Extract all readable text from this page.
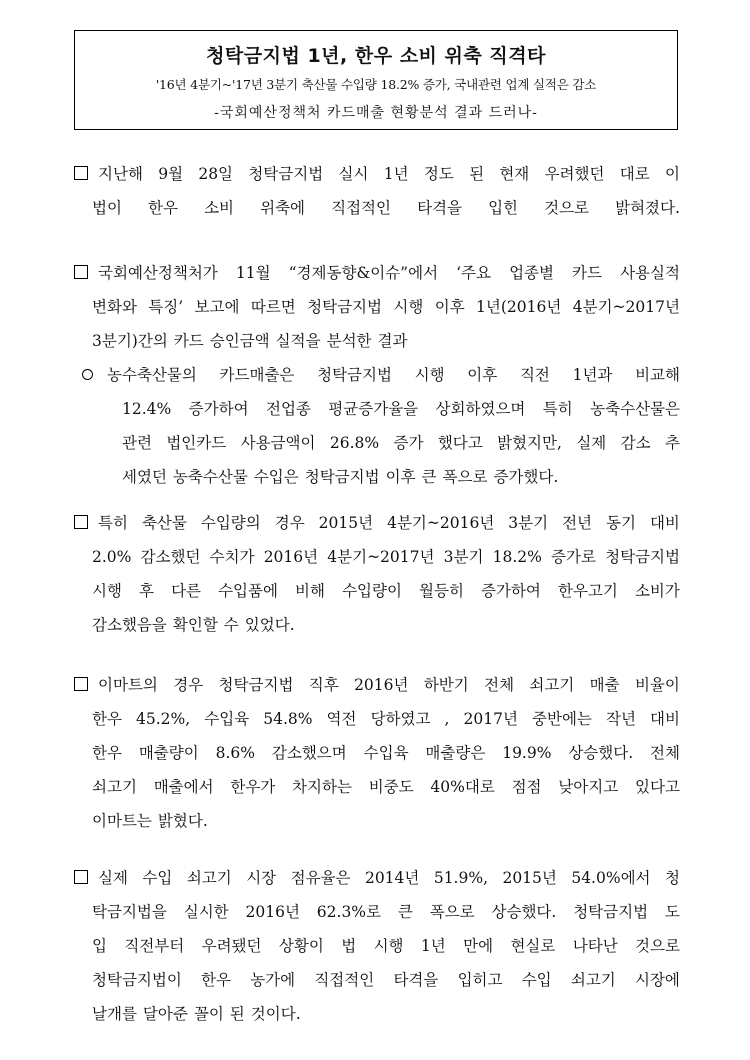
청탁금지법 1년, 한우 소비 위축 직격타
'16년 4분기~'17년 3분기 축산물 수입량 18.2% 증가, 국내관련 업계 실적은 감소
-국회예산정책처 카드매출 현황분석 결과 드러나-
지난해 9월 28일 청탁금지법 실시 1년 정도 된 현재 우려했던 대로 이
법이 한우 소비 위축에 직접적인 타격을 입힌 것으로 밝혀졌다.
국회예산정책처가 11월 “경제동향&이슈”에서 ‘주요 업종별 카드 사용실적
변화와 특징’ 보고에 따르면 청탁금지법 시행 이후 1년(2016년 4분기~2017년
3분기)간의 카드 승인금액 실적을 분석한 결과
농수축산물의 카드매출은 청탁금지법 시행 이후 직전 1년과 비교해
12.4% 증가하여 전업종 평균증가율을 상회하였으며 특히 농축수산물은
관련 법인카드 사용금액이 26.8% 증가 했다고 밝혔지만, 실제 감소 추
세였던 농축수산물 수입은 청탁금지법 이후 큰 폭으로 증가했다.
특히 축산물 수입량의 경우 2015년 4분기~2016년 3분기 전년 동기 대비
2.0% 감소했던 수치가 2016년 4분기~2017년 3분기 18.2% 증가로 청탁금지법
시행 후 다른 수입품에 비해 수입량이 월등히 증가하여 한우고기 소비가
감소했음을 확인할 수 있었다.
이마트의 경우 청탁금지법 직후 2016년 하반기 전체 쇠고기 매출 비율이
한우 45.2%, 수입육 54.8% 역전 당하였고 , 2017년 중반에는 작년 대비
한우 매출량이 8.6% 감소했으며 수입육 매출량은 19.9% 상승했다. 전체
쇠고기 매출에서 한우가 차지하는 비중도 40%대로 점점 낮아지고 있다고
이마트는 밝혔다.
실제 수입 쇠고기 시장 점유율은 2014년 51.9%, 2015년 54.0%에서 청
탁금지법을 실시한 2016년 62.3%로 큰 폭으로 상승했다. 청탁금지법 도
입 직전부터 우려됐던 상황이 법 시행 1년 만에 현실로 나타난 것으로
청탁금지법이 한우 농가에 직접적인 타격을 입히고 수입 쇠고기 시장에
날개를 달아준 꼴이 된 것이다.
